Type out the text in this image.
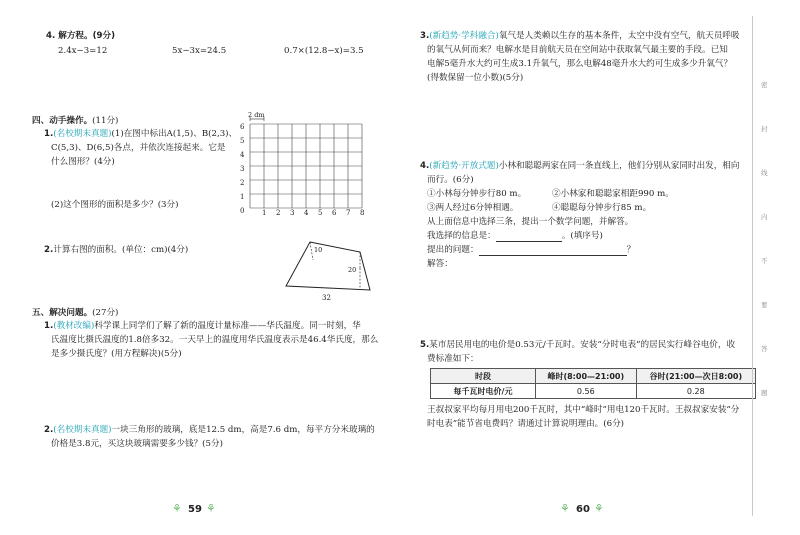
4. 解方程。(9分)
2.4x−3=12	5x−3x=24.5	0.7×(12.8−x)=3.5
四、动手操作。(11分)
1.(名校期末真题)(1)在图中标出A(1,5)、B(2,3)、
C(5,3)、D(6,5)各点，并依次连接起来。它是
什么图形？(4分)
(2)这个图形的面积是多少？(3分)
2 dm
6
5
4
3
2
1
0	1 2 3 4 5 6 7 8
2.计算右图的面积。(单位：cm)(4分)	10
20
32
五、解决问题。(27分)
1.(教材改编)科学课上同学们了解了新的温度计量标准——华氏温度。同一时刻，华
氏温度比摄氏温度的1.8倍多32。一天早上的温度用华氏温度表示是46.4华氏度，那么
是多少摄氏度？(用方程解决)(5分)
2.(名校期末真题)一块三角形的玻璃，底是12.5 dm，高是7.6 dm，每平方分米玻璃的
价格是3.8元，买这块玻璃需要多少钱？(5分)
⚘ 59 ⚘
3.(新趋势·学科融合)氧气是人类赖以生存的基本条件，太空中没有空气，航天员呼吸
的氧气从何而来？电解水是目前航天员在空间站中获取氧气最主要的手段。已知
电解5毫升水大约可生成3.1升氧气，那么电解48毫升水大约可生成多少升氧气？
(得数保留一位小数)(5分)
4.(新趋势·开放式题)小林和聪聪两家在同一条直线上，他们分别从家同时出发，相向
而行。(6分)
①小林每分钟步行80 m。	②小林家和聪聪家相距990 m。
③两人经过6分钟相遇。	④聪聪每分钟步行85 m。
从上面信息中选择三条，提出一个数学问题，并解答。
我选择的信息是：	。(填序号)
提出的问题：	？
解答：
5.某市居民用电的电价是0.53元/千瓦时。安装“分时电表”的居民实行峰谷电价，收
费标准如下：
时段	峰时(8:00—21:00)	谷时(21:00—次日8:00)
每千瓦时电价/元	0.56	0.28
王叔叔家平均每月用电200千瓦时，其中“峰时”用电120千瓦时。王叔叔家安装“分
时电表”能节省电费吗？请通过计算说明理由。(6分)
⚘ 60 ⚘
密
封
线
内
不
要
答
题
